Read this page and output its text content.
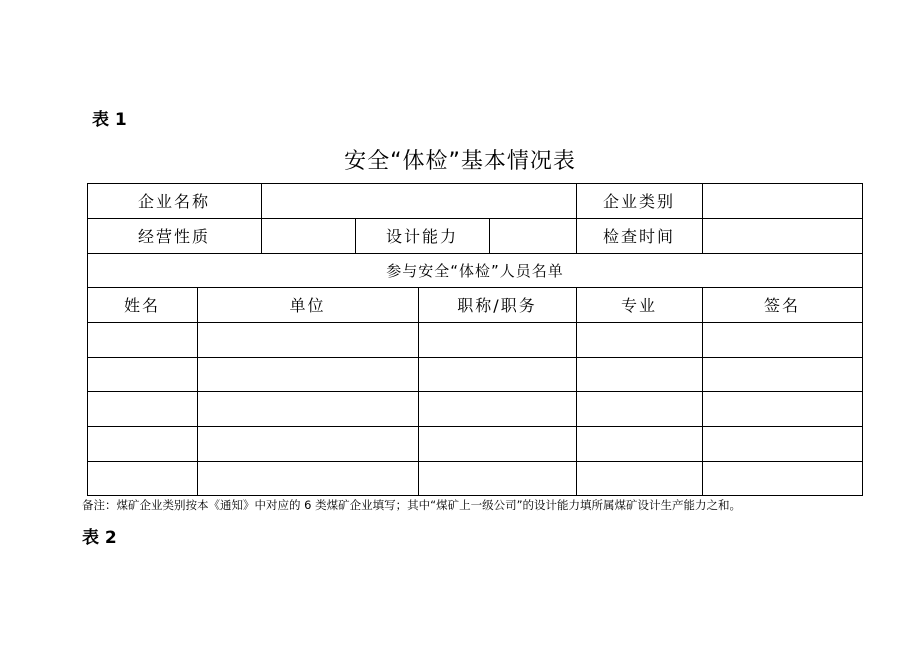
表 1
安全“体检”基本情况表
企业名称	企业类别
经营性质	设计能力	检查时间
参与安全“体检”人员名单
姓名	单位	职称/职务	专业	签名
备注：煤矿企业类别按本《通知》中对应的 6 类煤矿企业填写；其中“煤矿上一级公司”的设计能力填所属煤矿设计生产能力之和。
表 2
